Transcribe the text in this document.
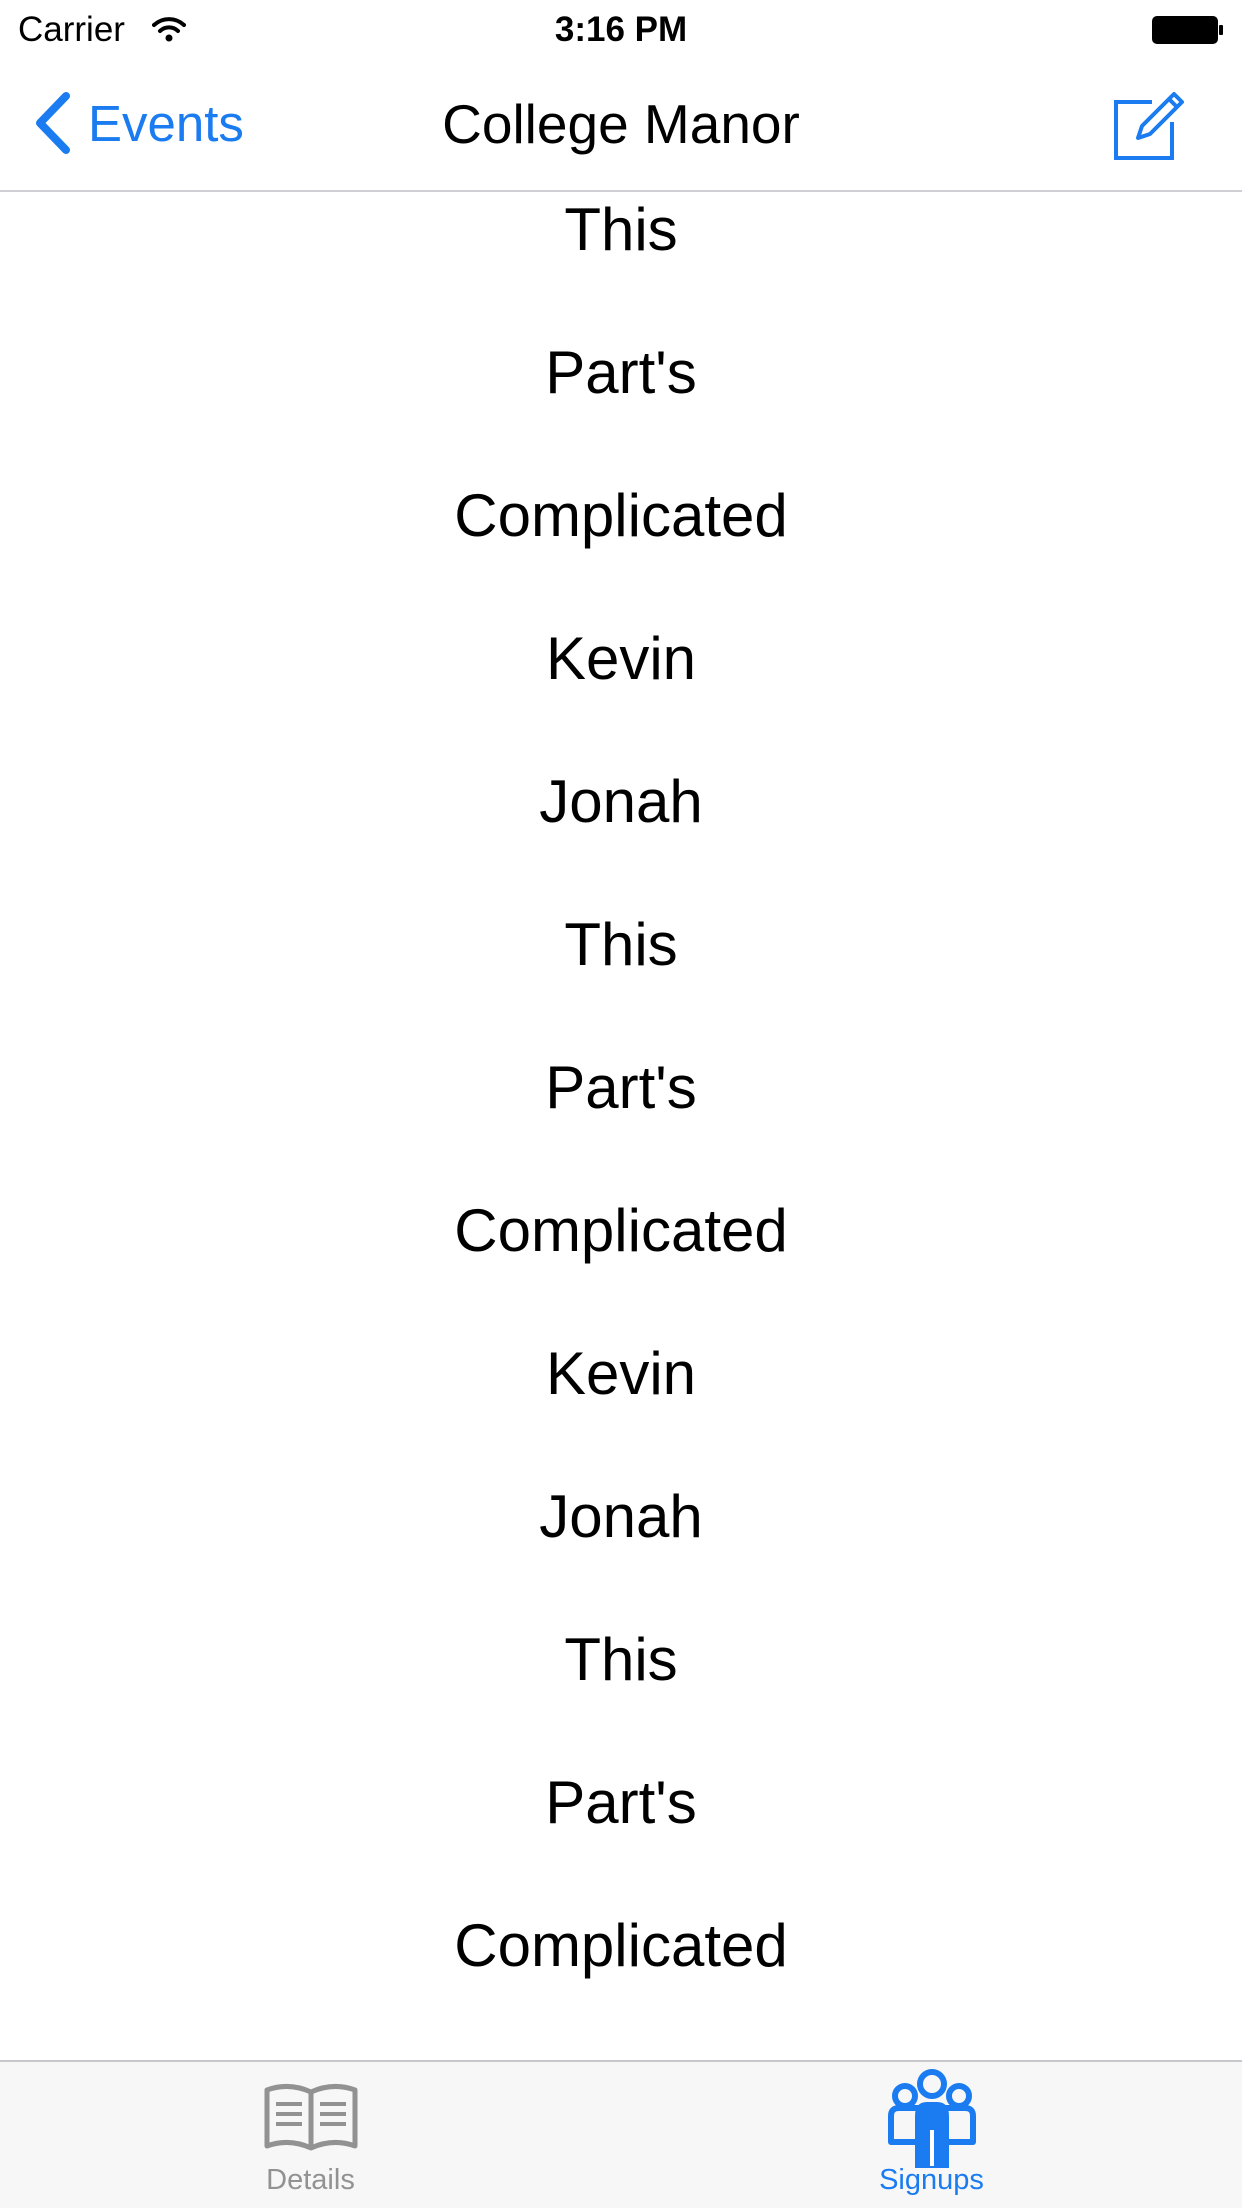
Carrier	3:16 PM
Events	College Manor
This
Part's
Complicated
Kevin
Jonah
This
Part's
Complicated
Kevin
Jonah
This
Part's
Complicated
Details	Signups
